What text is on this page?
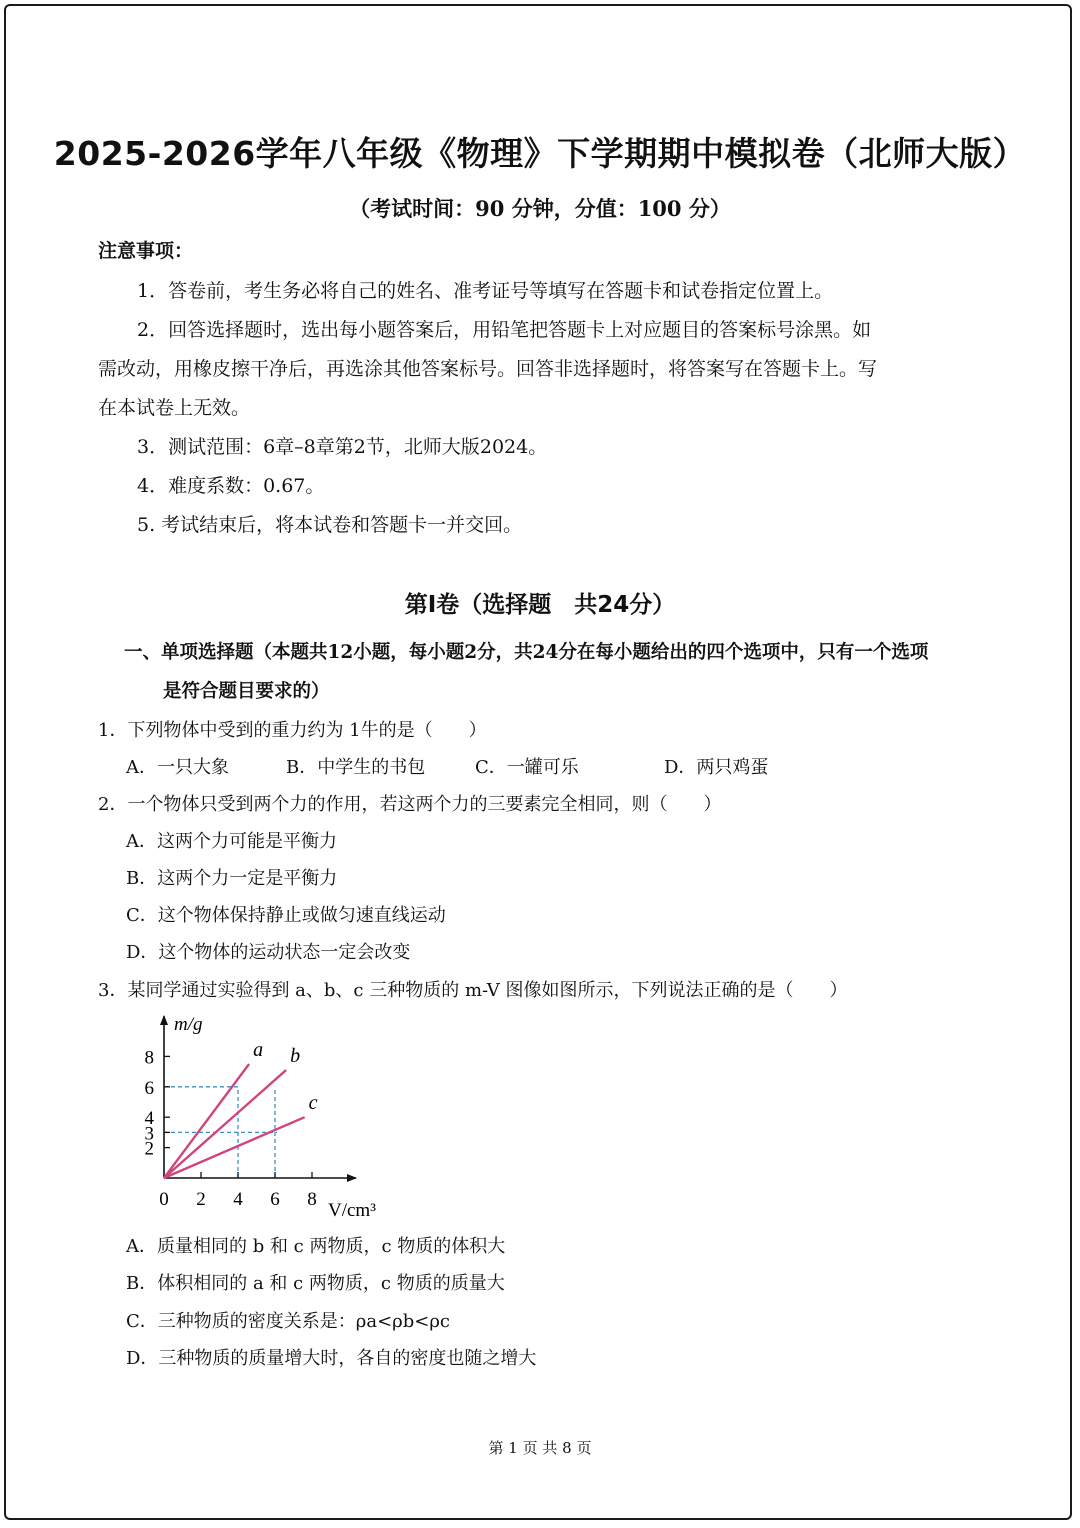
2025-2026学年八年级《物理》下学期期中模拟卷（北师大版）
（考试时间：90 分钟，分值：100 分）
注意事项：
1．答卷前，考生务必将自己的姓名、准考证号等填写在答题卡和试卷指定位置上。
2．回答选择题时，选出每小题答案后，用铅笔把答题卡上对应题目的答案标号涂黑。如
需改动，用橡皮擦干净后，再选涂其他答案标号。回答非选择题时，将答案写在答题卡上。写
在本试卷上无效。
3．测试范围：6章–8章第2节，北师大版2024。
4．难度系数：0.67。
5. 考试结束后，将本试卷和答题卡一并交回。
第Ⅰ卷（选择题　共24分）
一、单项选择题（本题共12小题，每小题2分，共24分在每小题给出的四个选项中，只有一个选项
是符合题目要求的）
1．下列物体中受到的重力约为 1牛的是（　　）
A．一只大象	B．中学生的书包	C．一罐可乐	D．两只鸡蛋
2．一个物体只受到两个力的作用，若这两个力的三要素完全相同，则（　　）
A．这两个力可能是平衡力
B．这两个力一定是平衡力
C．这个物体保持静止或做匀速直线运动
D．这个物体的运动状态一定会改变
3．某同学通过实验得到 a、b、c 三种物质的 m-V 图像如图所示，下列说法正确的是（　　）
2
3
4
6
8
0 2 4 6 8
a b
c
m/g
V/cm³
A．质量相同的 b 和 c 两物质，c 物质的体积大
B．体积相同的 a 和 c 两物质，c 物质的质量大
C．三种物质的密度关系是：ρa<ρb<ρc
D．三种物质的质量增大时，各自的密度也随之增大
第 1 页 共 8 页
